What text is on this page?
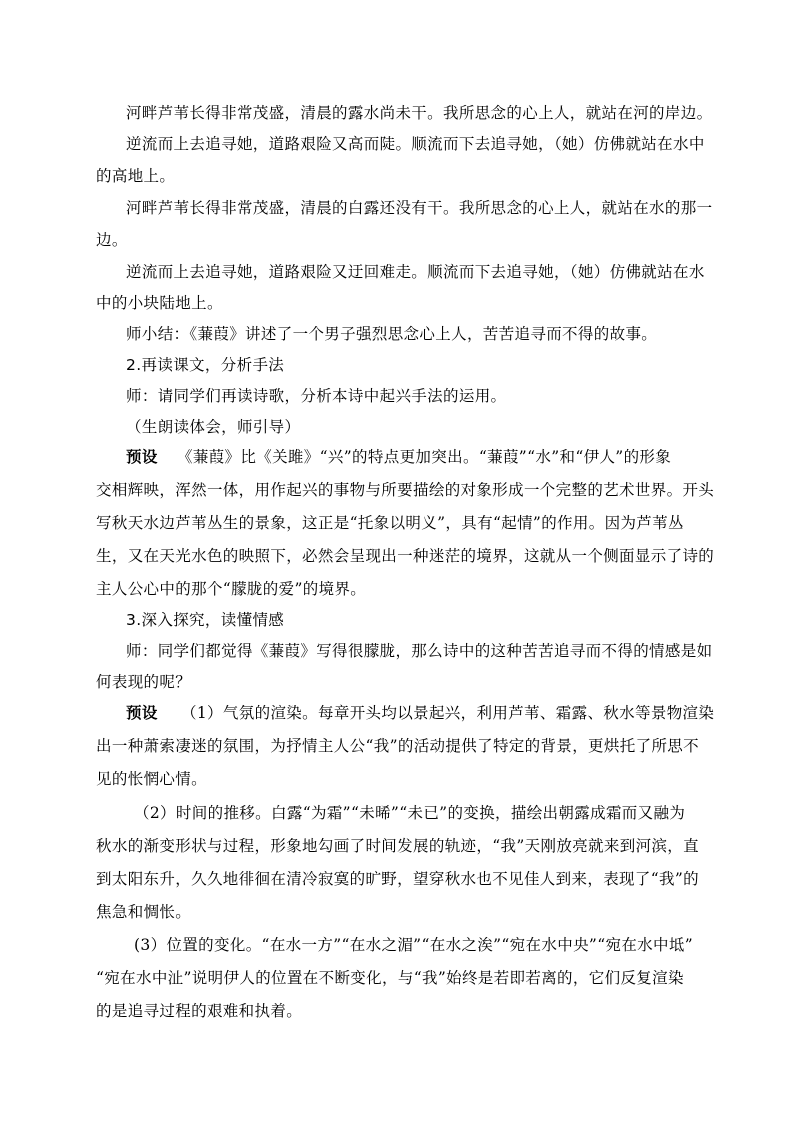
河畔芦苇长得非常茂盛，清晨的露水尚未干。我所思念的心上人，就站在河的岸边。
逆流而上去追寻她，道路艰险又高而陡。顺流而下去追寻她，（她）仿佛就站在水中
的高地上。
河畔芦苇长得非常茂盛，清晨的白露还没有干。我所思念的心上人，就站在水的那一
边。
逆流而上去追寻她，道路艰险又迂回难走。顺流而下去追寻她，（她）仿佛就站在水
中的小块陆地上。
师小结：《蒹葭》讲述了一个男子强烈思念心上人，苦苦追寻而不得的故事。
2.再读课文，分析手法
师：请同学们再读诗歌，分析本诗中起兴手法的运用。
（生朗读体会，师引导）
预设 《蒹葭》比《关雎》“兴”的特点更加突出。“蒹葭”“水”和“伊人”的形象
交相辉映，浑然一体，用作起兴的事物与所要描绘的对象形成一个完整的艺术世界。开头
写秋天水边芦苇丛生的景象，这正是“托象以明义”，具有“起情”的作用。因为芦苇丛
生，又在天光水色的映照下，必然会呈现出一种迷茫的境界，这就从一个侧面显示了诗的
主人公心中的那个“朦胧的爱”的境界。
3.深入探究，读懂情感
师：同学们都觉得《蒹葭》写得很朦胧，那么诗中的这种苦苦追寻而不得的情感是如
何表现的呢？
预设 （1）气氛的渲染。每章开头均以景起兴，利用芦苇、霜露、秋水等景物渲染
出一种萧索凄迷的氛围，为抒情主人公“我”的活动提供了特定的背景，更烘托了所思不
见的怅惘心情。
（2）时间的推移。白露“为霜”“未晞”“未已”的变换，描绘出朝露成霜而又融为
秋水的渐变形状与过程，形象地勾画了时间发展的轨迹，“我”天刚放亮就来到河滨，直
到太阳东升，久久地徘徊在清冷寂寞的旷野，望穿秋水也不见佳人到来，表现了“我”的
焦急和惆怅。
(3）位置的变化。“在水一方”“在水之湄”“在水之涘”“宛在水中央”“宛在水中坻”
“宛在水中沚”说明伊人的位置在不断变化，与“我”始终是若即若离的，它们反复渲染
的是追寻过程的艰难和执着。
